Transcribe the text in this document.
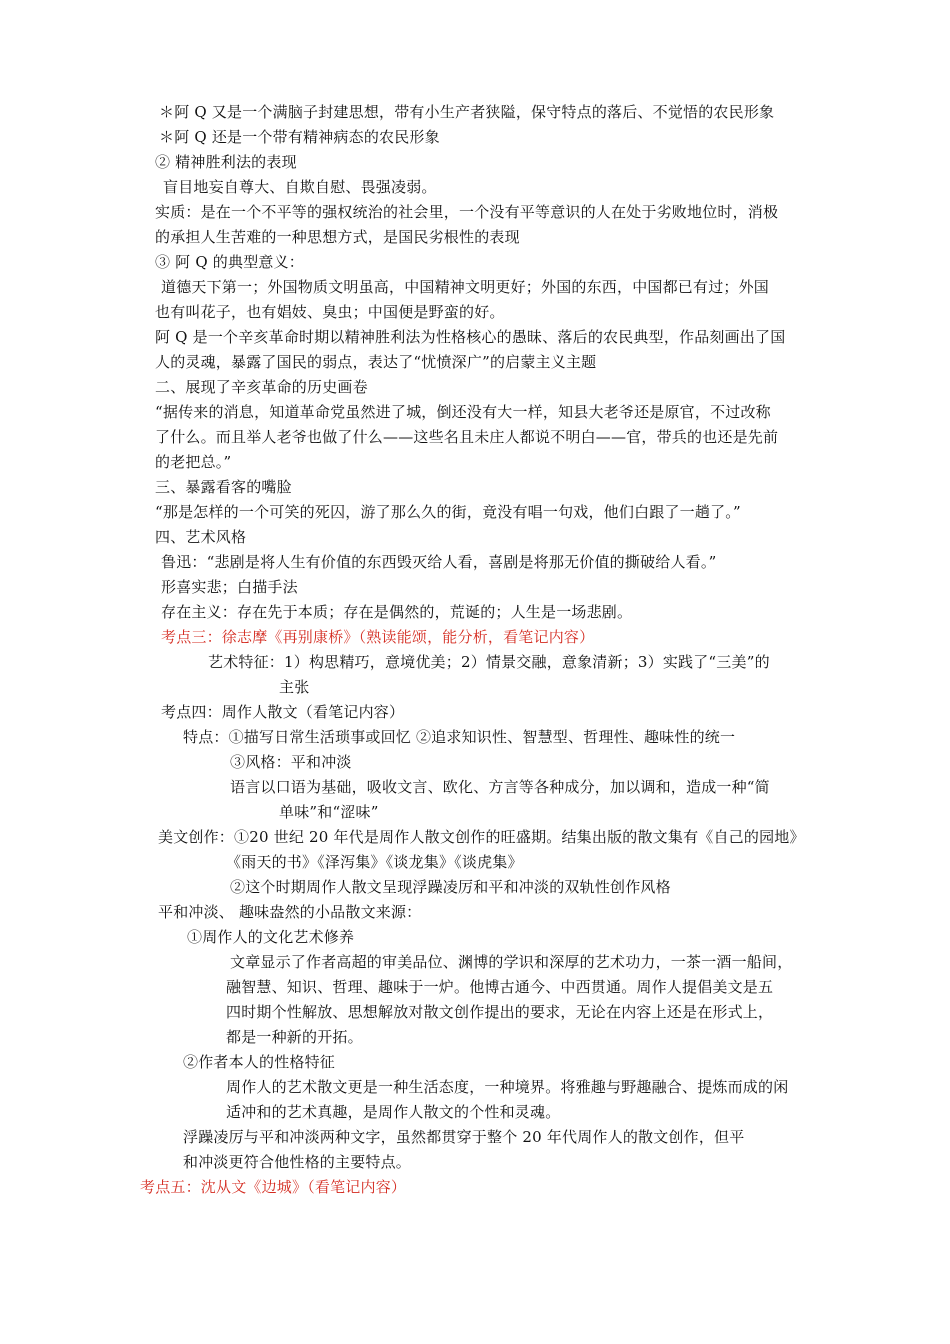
＊阿 Q 又是一个满脑子封建思想，带有小生产者狭隘，保守特点的落后、不觉悟的农民形象
＊阿 Q 还是一个带有精神病态的农民形象
② 精神胜利法的表现
盲目地妄自尊大、自欺自慰、畏强凌弱。
实质：是在一个不平等的强权统治的社会里，一个没有平等意识的人在处于劣败地位时，消极
的承担人生苦难的一种思想方式，是国民劣根性的表现
③ 阿 Q 的典型意义：
道德天下第一；外国物质文明虽高，中国精神文明更好；外国的东西，中国都已有过；外国
也有叫花子，也有娼妓、臭虫；中国便是野蛮的好。
阿 Q 是一个辛亥革命时期以精神胜利法为性格核心的愚昧、落后的农民典型，作品刻画出了国
人的灵魂，暴露了国民的弱点，表达了“忧愤深广”的启蒙主义主题
二、展现了辛亥革命的历史画卷
“据传来的消息，知道革命党虽然进了城，倒还没有大一样，知县大老爷还是原官，不过改称
了什么。而且举人老爷也做了什么——这些名且未庄人都说不明白——官，带兵的也还是先前
的老把总。”
三、暴露看客的嘴脸
“那是怎样的一个可笑的死囚，游了那么久的街，竟没有唱一句戏，他们白跟了一趟了。”
四、艺术风格
鲁迅：“悲剧是将人生有价值的东西毁灭给人看，喜剧是将那无价值的撕破给人看。”
形喜实悲；白描手法
存在主义：存在先于本质；存在是偶然的，荒诞的；人生是一场悲剧。
考点三：徐志摩《再别康桥》（熟读能颂，能分析，看笔记内容）
艺术特征：1）构思精巧，意境优美；2）情景交融，意象清新；3）实践了“三美”的
主张
考点四：周作人散文（看笔记内容）
特点：①描写日常生活琐事或回忆 ②追求知识性、智慧型、哲理性、趣味性的统一
③风格：平和冲淡
语言以口语为基础，吸收文言、欧化、方言等各种成分，加以调和，造成一种“简
单味”和“涩味”
美文创作：①20 世纪 20 年代是周作人散文创作的旺盛期。结集出版的散文集有《自己的园地》
《雨天的书》《泽泻集》《谈龙集》《谈虎集》
②这个时期周作人散文呈现浮躁凌厉和平和冲淡的双轨性创作风格
平和冲淡、 趣味盎然的小品散文来源：
①周作人的文化艺术修养
文章显示了作者高超的审美品位、渊博的学识和深厚的艺术功力，一茶一酒一船间，
融智慧、知识、哲理、趣味于一炉。他博古通今、中西贯通。周作人提倡美文是五
四时期个性解放、思想解放对散文创作提出的要求，无论在内容上还是在形式上，
都是一种新的开拓。
②作者本人的性格特征
周作人的艺术散文更是一种生活态度，一种境界。将雅趣与野趣融合、提炼而成的闲
适冲和的艺术真趣，是周作人散文的个性和灵魂。
浮躁凌厉与平和冲淡两种文字，虽然都贯穿于整个 20 年代周作人的散文创作，但平
和冲淡更符合他性格的主要特点。
考点五：沈从文《边城》（看笔记内容）
